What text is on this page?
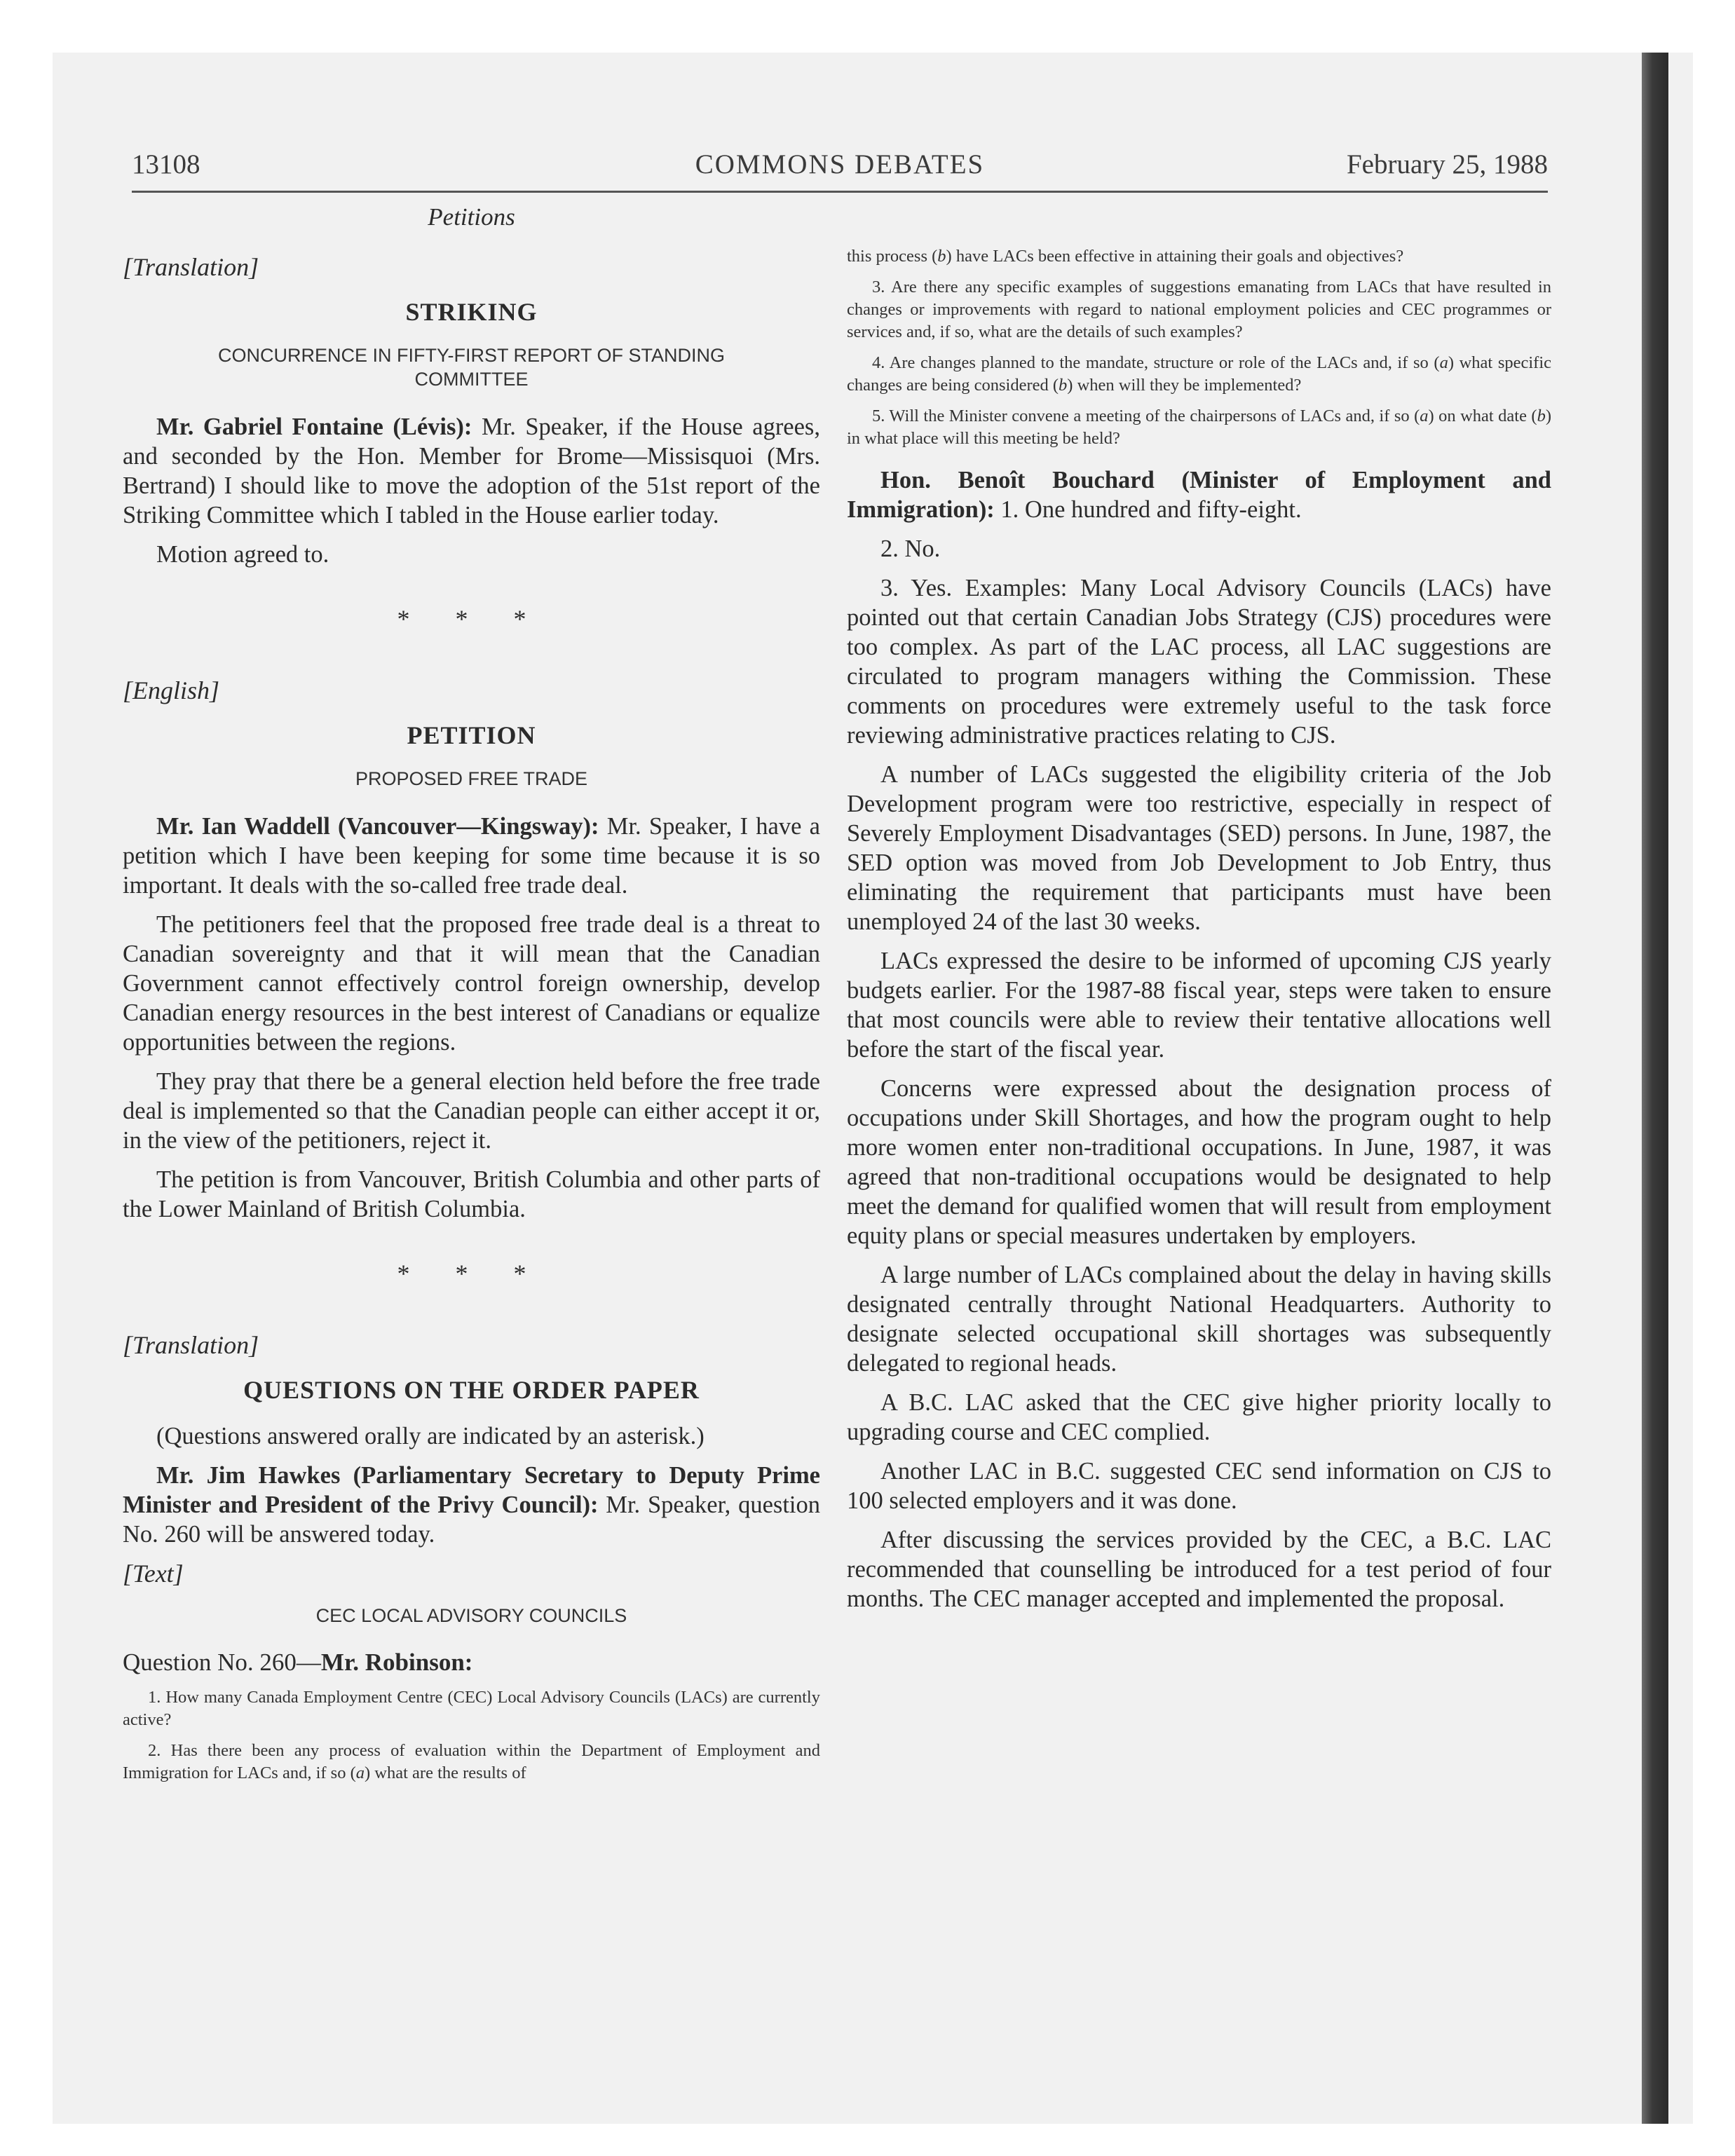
13108	COMMONS DEBATES	February 25, 1988

Petitions

[Translation]

STRIKING

CONCURRENCE IN FIFTY-FIRST REPORT OF STANDING COMMITTEE

Mr. Gabriel Fontaine (Lévis): Mr. Speaker, if the House agrees, and seconded by the Hon. Member for Brome—Missisquoi (Mrs. Bertrand) I should like to move the adoption of the 51st report of the Striking Committee which I tabled in the House earlier today.

Motion agreed to.

* * *

[English]

PETITION

PROPOSED FREE TRADE

Mr. Ian Waddell (Vancouver—Kingsway): Mr. Speaker, I have a petition which I have been keeping for some time because it is so important. It deals with the so-called free trade deal.

The petitioners feel that the proposed free trade deal is a threat to Canadian sovereignty and that it will mean that the Canadian Government cannot effectively control foreign ownership, develop Canadian energy resources in the best interest of Canadians or equalize opportunities between the regions.

They pray that there be a general election held before the free trade deal is implemented so that the Canadian people can either accept it or, in the view of the petitioners, reject it.

The petition is from Vancouver, British Columbia and other parts of the Lower Mainland of British Columbia.

* * *

[Translation]

QUESTIONS ON THE ORDER PAPER

(Questions answered orally are indicated by an asterisk.)

Mr. Jim Hawkes (Parliamentary Secretary to Deputy Prime Minister and President of the Privy Council): Mr. Speaker, question No. 260 will be answered today.

[Text]

CEC LOCAL ADVISORY COUNCILS

Question No. 260—Mr. Robinson:

1. How many Canada Employment Centre (CEC) Local Advisory Councils (LACs) are currently active?

2. Has there been any process of evaluation within the Department of Employment and Immigration for LACs and, if so (a) what are the results of

this process (b) have LACs been effective in attaining their goals and objectives?

3. Are there any specific examples of suggestions emanating from LACs that have resulted in changes or improvements with regard to national employment policies and CEC programmes or services and, if so, what are the details of such examples?

4. Are changes planned to the mandate, structure or role of the LACs and, if so (a) what specific changes are being considered (b) when will they be implemented?

5. Will the Minister convene a meeting of the chairpersons of LACs and, if so (a) on what date (b) in what place will this meeting be held?

Hon. Benoît Bouchard (Minister of Employment and Immigration): 1. One hundred and fifty-eight.

2. No.

3. Yes. Examples: Many Local Advisory Councils (LACs) have pointed out that certain Canadian Jobs Strategy (CJS) procedures were too complex. As part of the LAC process, all LAC suggestions are circulated to program managers withing the Commission. These comments on procedures were extremely useful to the task force reviewing administrative practices relating to CJS.

A number of LACs suggested the eligibility criteria of the Job Development program were too restrictive, especially in respect of Severely Employment Disadvantages (SED) persons. In June, 1987, the SED option was moved from Job Development to Job Entry, thus eliminating the requirement that participants must have been unemployed 24 of the last 30 weeks.

LACs expressed the desire to be informed of upcoming CJS yearly budgets earlier. For the 1987-88 fiscal year, steps were taken to ensure that most councils were able to review their tentative allocations well before the start of the fiscal year.

Concerns were expressed about the designation process of occupations under Skill Shortages, and how the program ought to help more women enter non-traditional occupations. In June, 1987, it was agreed that non-traditional occupations would be designated to help meet the demand for qualified women that will result from employment equity plans or special measures undertaken by employers.

A large number of LACs complained about the delay in having skills designated centrally throught National Headquarters. Authority to designate selected occupational skill shortages was subsequently delegated to regional heads.

A B.C. LAC asked that the CEC give higher priority locally to upgrading course and CEC complied.

Another LAC in B.C. suggested CEC send information on CJS to 100 selected employers and it was done.

After discussing the services provided by the CEC, a B.C. LAC recommended that counselling be introduced for a test period of four months. The CEC manager accepted and implemented the proposal.
